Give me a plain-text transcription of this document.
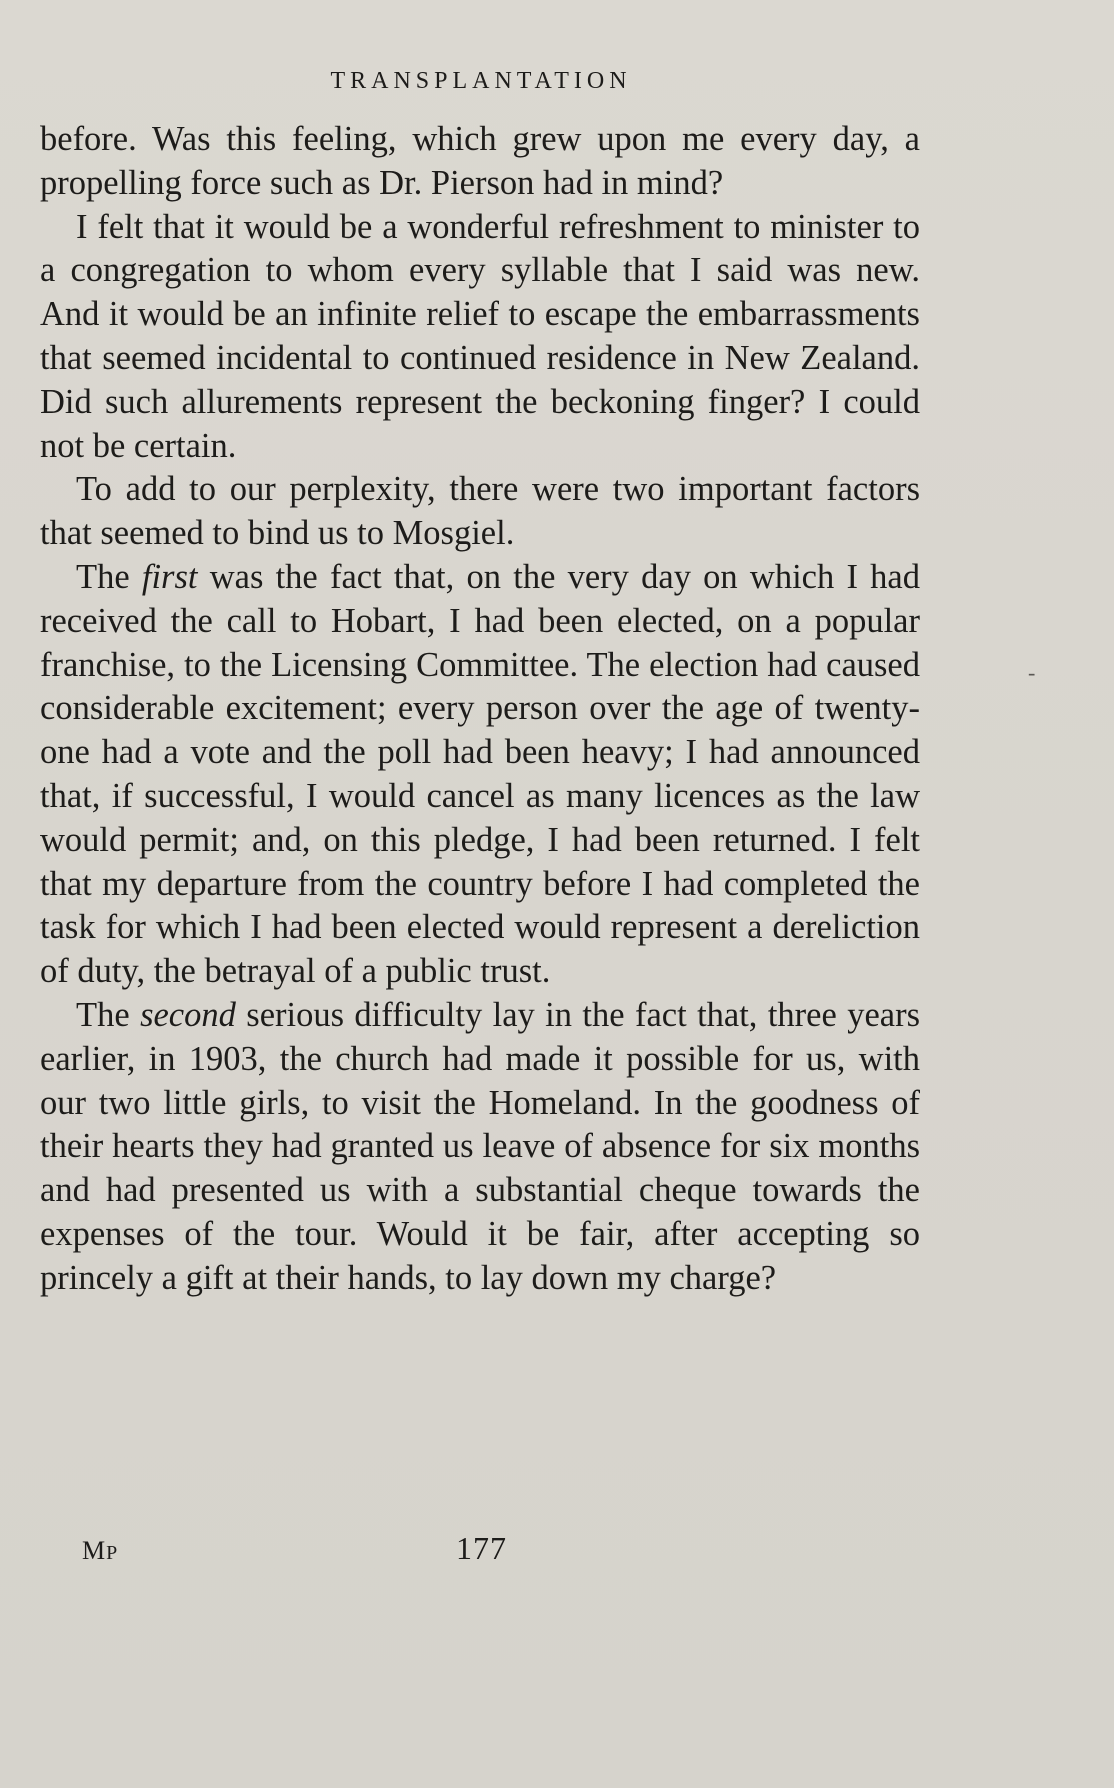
TRANSPLANTATION

before. Was this feeling, which grew upon me every day, a propelling force such as Dr. Pierson had in mind?

I felt that it would be a wonderful refreshment to minister to a congregation to whom every syllable that I said was new. And it would be an infinite relief to escape the embarrassments that seemed incidental to continued residence in New Zealand. Did such allurements represent the beckoning finger? I could not be certain.

To add to our perplexity, there were two important factors that seemed to bind us to Mosgiel.

The first was the fact that, on the very day on which I had received the call to Hobart, I had been elected, on a popular franchise, to the Licensing Committee. The election had caused considerable excitement; every person over the age of twenty-one had a vote and the poll had been heavy; I had announced that, if successful, I would cancel as many licences as the law would permit; and, on this pledge, I had been returned. I felt that my departure from the country before I had completed the task for which I had been elected would represent a dereliction of duty, the betrayal of a public trust.

The second serious difficulty lay in the fact that, three years earlier, in 1903, the church had made it possible for us, with our two little girls, to visit the Homeland. In the goodness of their hearts they had granted us leave of absence for six months and had presented us with a substantial cheque towards the expenses of the tour. Would it be fair, after accepting so princely a gift at their hands, to lay down my charge?

-
MP	177
